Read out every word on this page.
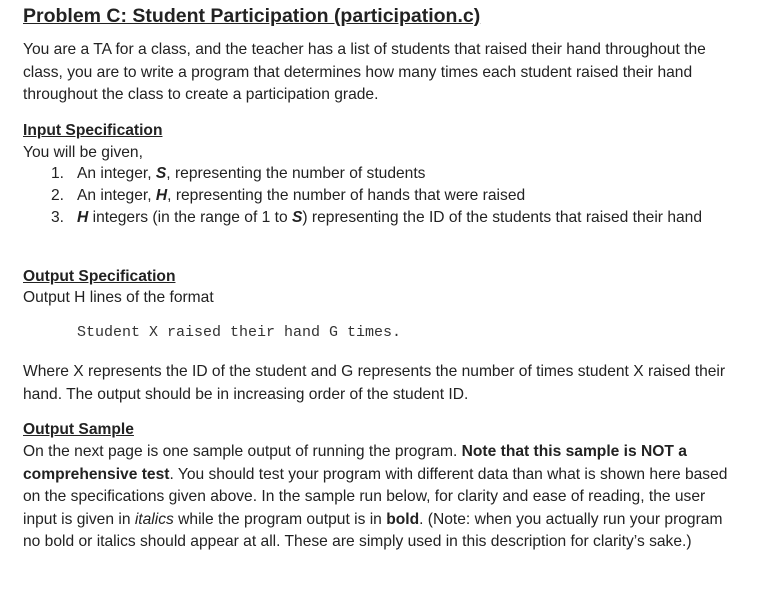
Problem C: Student Participation (participation.c)

You are a TA for a class, and the teacher has a list of students that raised their hand throughout the class, you are to write a program that determines how many times each student raised their hand throughout the class to create a participation grade.

Input Specification
You will be given,
1. An integer, S, representing the number of students
2. An integer, H, representing the number of hands that were raised
3. H integers (in the range of 1 to S) representing the ID of the students that raised their hand
Output Specification
Output H lines of the format
Student X raised their hand G times.

Where X represents the ID of the student and G represents the number of times student X raised their hand. The output should be in increasing order of the student ID.

Output Sample

On the next page is one sample output of running the program. Note that this sample is NOT a comprehensive test. You should test your program with different data than what is shown here based on the specifications given above. In the sample run below, for clarity and ease of reading, the user input is given in italics while the program output is in bold. (Note: when you actually run your program no bold or italics should appear at all. These are simply used in this description for clarity’s sake.)
